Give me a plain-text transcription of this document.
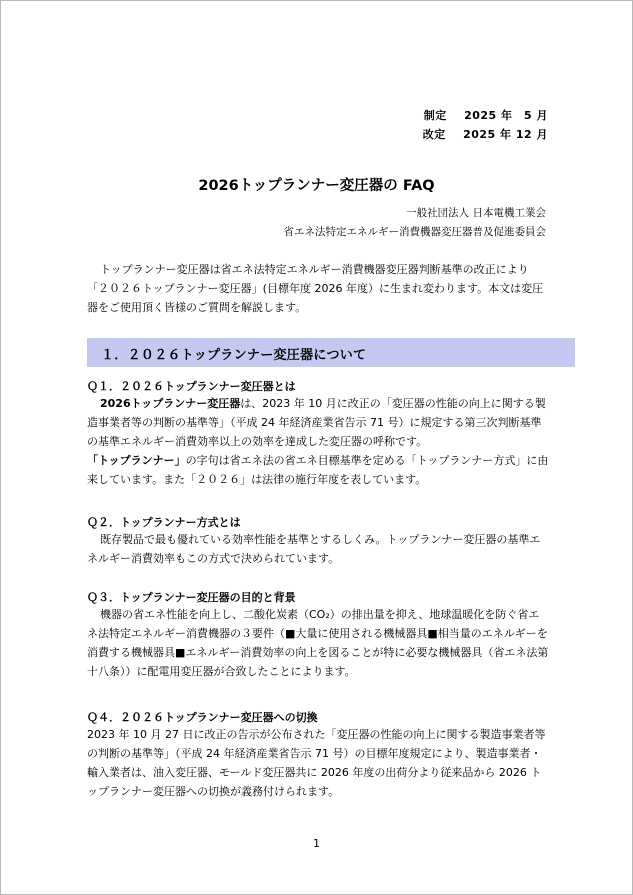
制定 2025 年　5 月
改定 2025 年 12 月
2026トップランナー変圧器の FAQ
一般社団法人 日本電機工業会
省エネ法特定エネルギー消費機器変圧器普及促進委員会

トップランナー変圧器は省エネ法特定エネルギー消費機器変圧器判断基準の改正により「２０２６トップランナー変圧器」(目標年度 2026 年度）に生まれ変わります。本文は変圧器をご使用頂く皆様のご質問を解説します。

１．２０２６トップランナー変圧器について
Ｑ１．２０２６トップランナー変圧器とは

2026トップランナー変圧器は、2023 年 10 月に改正の「変圧器の性能の向上に関する製造事業者等の判断の基準等」（平成 24 年経済産業省告示 71 号）に規定する第三次判断基準の基準エネルギー消費効率以上の効率を達成した変圧器の呼称です。
「トップランナー」の字句は省エネ法の省エネ目標基準を定める「トップランナー方式」に由来しています。また「２０２６」は法律の施行年度を表しています。

Ｑ２．トップランナー方式とは

既存製品で最も優れている効率性能を基準とするしくみ。トップランナー変圧器の基準エネルギー消費効率もこの方式で決められています。

Ｑ３．トップランナー変圧器の目的と背景

機器の省エネ性能を向上し、二酸化炭素（CO₂）の排出量を抑え、地球温暖化を防ぐ省エネ法特定エネルギー消費機器の３要件（■大量に使用される機械器具■相当量のエネルギーを消費する機械器具■エネルギー消費効率の向上を図ることが特に必要な機械器具（省エネ法第十八条））に配電用変圧器が合致したことによります。

Ｑ４．２０２６トップランナー変圧器への切換

2023 年 10 月 27 日に改正の告示が公布された「変圧器の性能の向上に関する製造事業者等の判断の基準等」（平成 24 年経済産業省告示 71 号）の目標年度規定により、製造事業者・輸入業者は、油入変圧器、モールド変圧器共に 2026 年度の出荷分より従来品から 2026 トップランナー変圧器への切換が義務付けられます。

1
